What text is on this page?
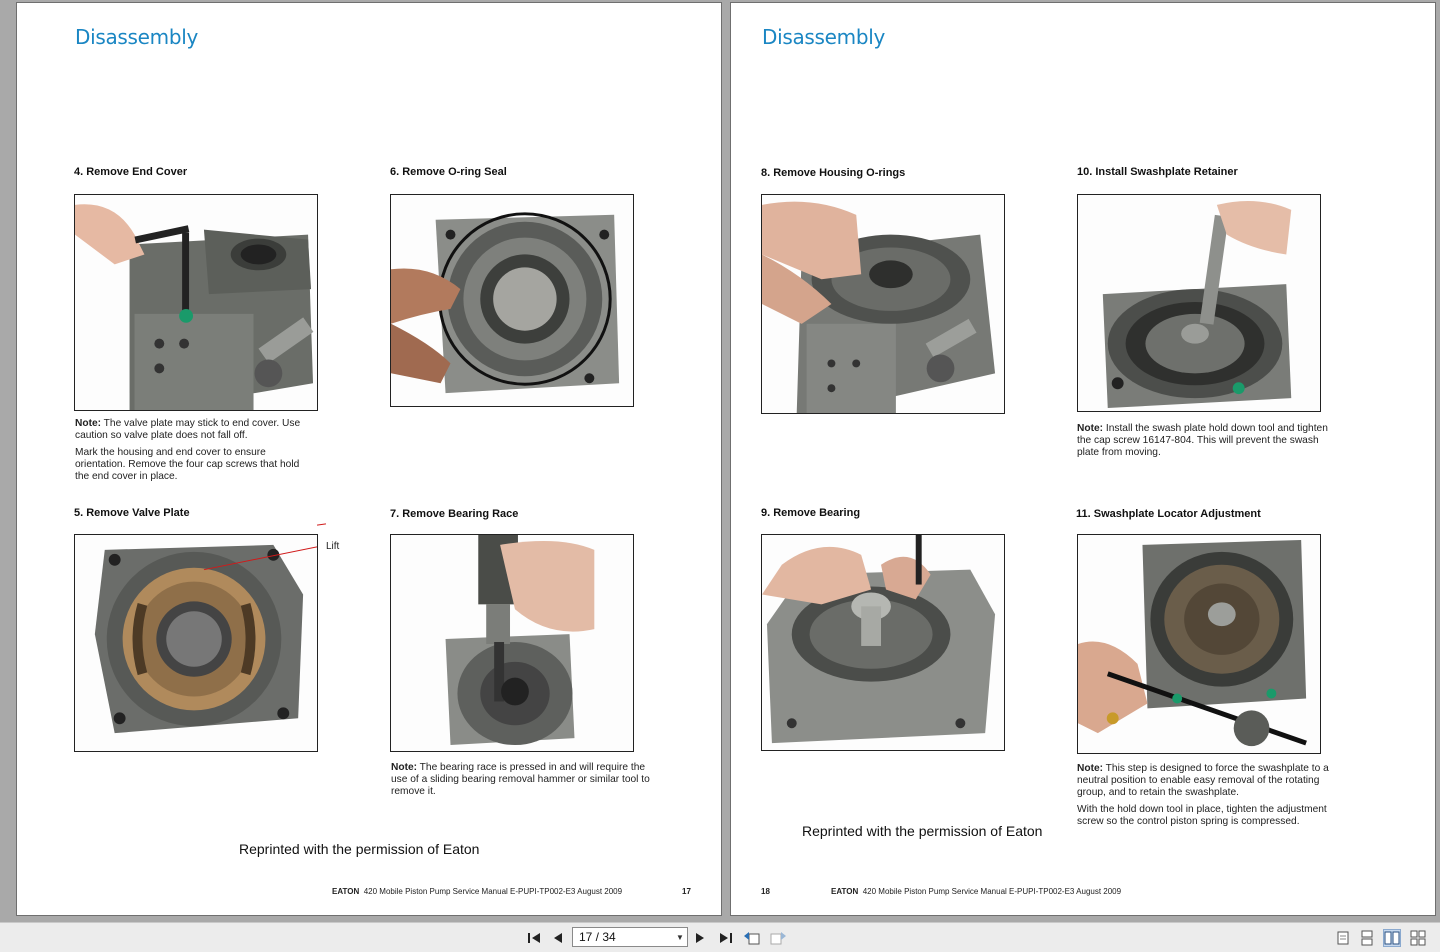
Disassembly
4. Remove End Cover

Note: The valve plate may stick to end cover. Use caution so valve plate does not fall off.

Mark the housing and end cover to ensure orientation. Remove the four cap screws that hold the end cover in place.

6. Remove O-ring Seal
5. Remove Valve Plate
Lift
7. Remove Bearing Race

Note: The bearing race is pressed in and will require the use of a sliding bearing removal hammer or similar tool to remove it.

Reprinted with the permission of Eaton
EATON 420 Mobile Piston Pump Service Manual E-PUPI-TP002-E3 August 2009	17
Disassembly
8. Remove Housing O-rings	10. Install Swashplate Retainer

Note: Install the swash plate hold down tool and tighten the cap screw 16147-804. This will prevent the swash plate from moving.

9. Remove Bearing	11. Swashplate Locator Adjustment

Note: This step is designed to force the swashplate to a neutral position to enable easy removal of the rotating group, and to retain the swashplate.

With the hold down tool in place, tighten the adjustment screw so the control piston spring is compressed.

Reprinted with the permission of Eaton
18	EATON 420 Mobile Piston Pump Service Manual E-PUPI-TP002-E3 August 2009
17 / 34	▼
